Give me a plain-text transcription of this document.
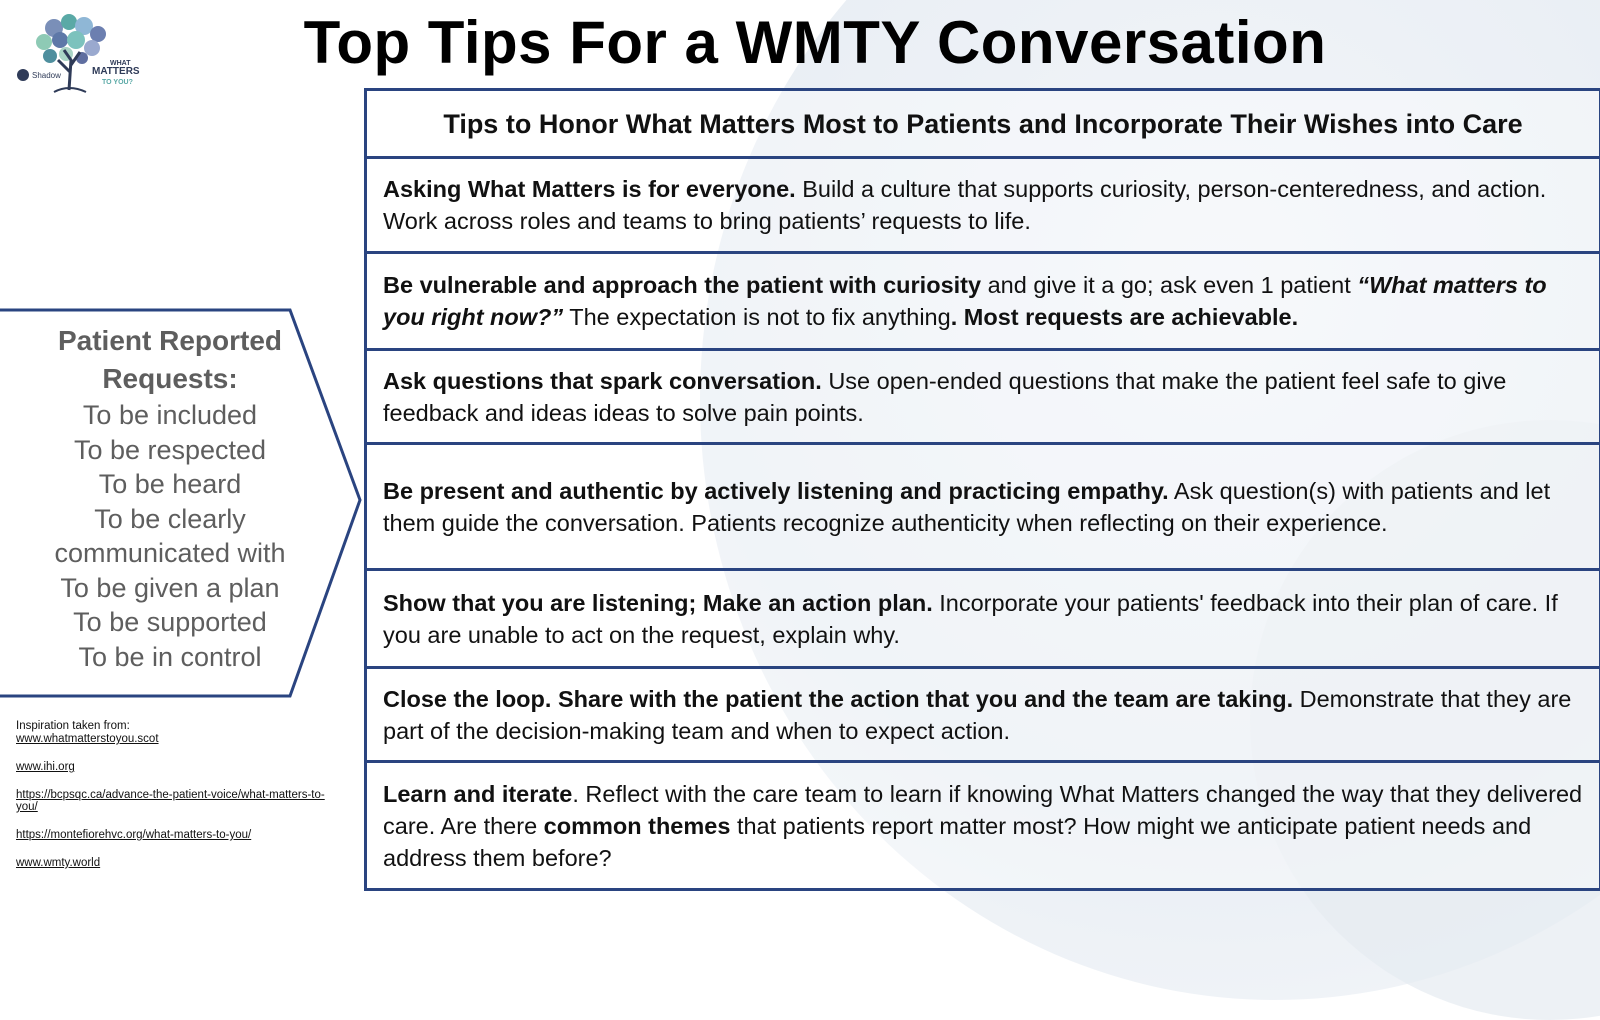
Shadow
WHAT
MATTERS
TO YOU?
Top Tips For a WMTY Conversation
Patient Reported Requests:
To be included
To be respected
To be heard
To be clearly communicated with
To be given a plan
To be supported
To be in control
Inspiration taken from:
www.whatmatterstoyou.scot
www.ihi.org
https://bcpsqc.ca/advance-the-patient-voice/what-matters-to-you/
https://montefiorehvc.org/what-matters-to-you/
www.wmty.world
Tips to Honor What Matters Most to Patients and Incorporate Their Wishes into Care
Asking What Matters is for everyone. Build a culture that supports curiosity, person-centeredness, and action. Work across roles and teams to bring patients’ requests to life.
Be vulnerable and approach the patient with curiosity and give it a go; ask even 1 patient “What matters to you right now?” The expectation is not to fix anything. Most requests are achievable.
Ask questions that spark conversation. Use open-ended questions that make the patient feel safe to give feedback and ideas ideas to solve pain points.
Be present and authentic by actively listening and practicing empathy. Ask question(s) with patients and let them guide the conversation. Patients recognize authenticity when reflecting on their experience.
Show that you are listening; Make an action plan. Incorporate your patients' feedback into their plan of care. If you are unable to act on the request, explain why.
Close the loop. Share with the patient the action that you and the team are taking. Demonstrate that they are part of the decision-making team and when to expect action.
Learn and iterate. Reflect with the care team to learn if knowing What Matters changed the way that they delivered care. Are there common themes that patients report matter most? How might we anticipate patient needs and address them before?
